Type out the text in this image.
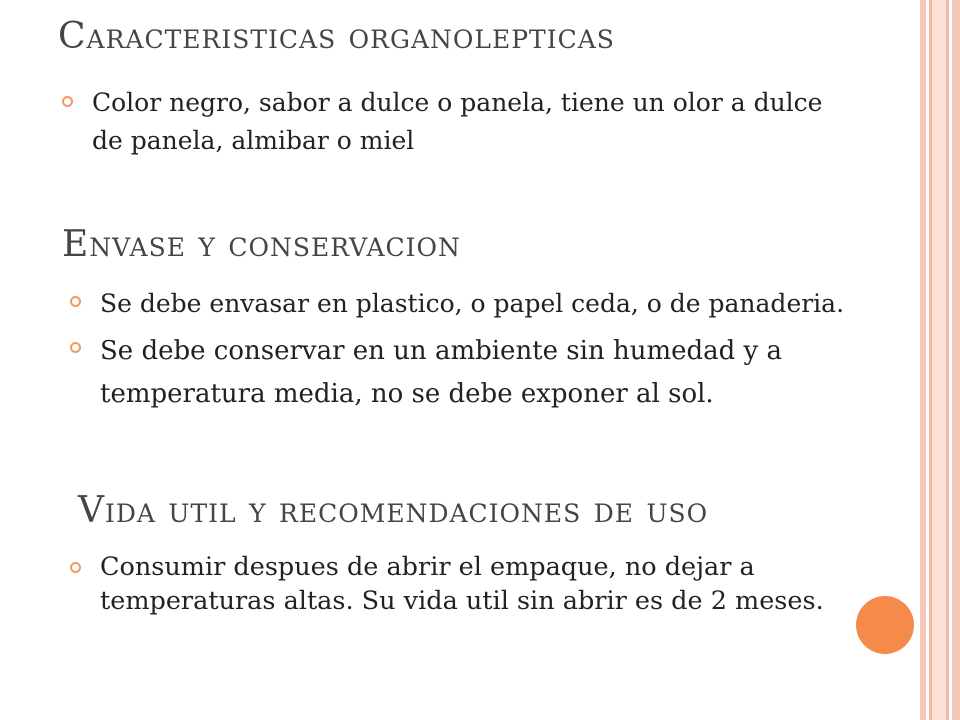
Caracteristicas organolepticas
Color negro, sabor a dulce o panela, tiene un olor a dulce de panela, almibar o miel
Envase y conservacion
Se debe envasar en plastico, o papel ceda, o de panaderia.
Se debe conservar en un ambiente sin humedad y a temperatura media, no se debe exponer al sol.
Vida util y recomendaciones de uso
Consumir despues de abrir el empaque, no dejar a temperaturas altas. Su vida util sin abrir es de 2 meses.
